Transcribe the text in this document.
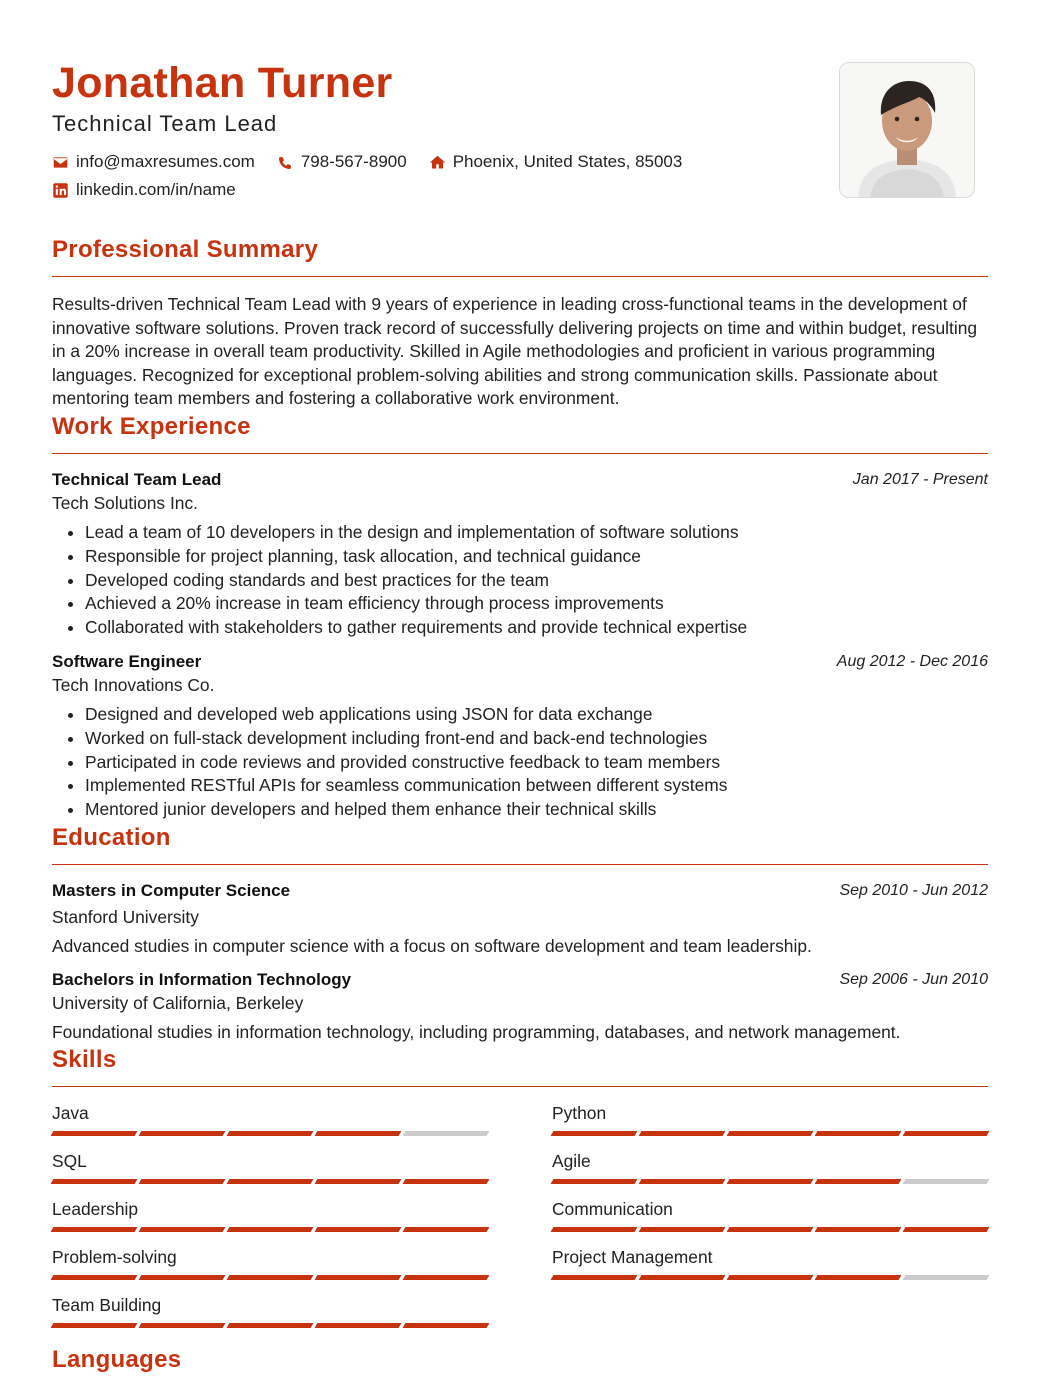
Jonathan Turner
Technical Team Lead
info@maxresumes.com	798-567-8900	Phoenix, United States, 85003
linkedin.com/in/name
Professional Summary

Results-driven Technical Team Lead with 9 years of experience in leading cross-functional teams in the development of innovative software solutions. Proven track record of successfully delivering projects on time and within budget, resulting in a 20% increase in overall team productivity. Skilled in Agile methodologies and proficient in various programming languages. Recognized for exceptional problem-solving abilities and strong communication skills. Passionate about mentoring team members and fostering a collaborative work environment.

Work Experience
Technical Team Lead
Tech Solutions Inc.
Jan 2017 - Present
• Lead a team of 10 developers in the design and implementation of software solutions
• Responsible for project planning, task allocation, and technical guidance
• Developed coding standards and best practices for the team
• Achieved a 20% increase in team efficiency through process improvements
• Collaborated with stakeholders to gather requirements and provide technical expertise
Software Engineer
Tech Innovations Co.
Aug 2012 - Dec 2016
• Designed and developed web applications using JSON for data exchange
• Worked on full-stack development including front-end and back-end technologies
• Participated in code reviews and provided constructive feedback to team members
• Implemented RESTful APIs for seamless communication between different systems
• Mentored junior developers and helped them enhance their technical skills
Education
Masters in Computer Science
Stanford University
Sep 2010 - Jun 2012
Advanced studies in computer science with a focus on software development and team leadership.
Bachelors in Information Technology
University of California, Berkeley
Sep 2006 - Jun 2010
Foundational studies in information technology, including programming, databases, and network management.
Skills
Java	Python
SQL	Agile
Leadership	Communication
Problem-solving	Project Management
Team Building
Languages
